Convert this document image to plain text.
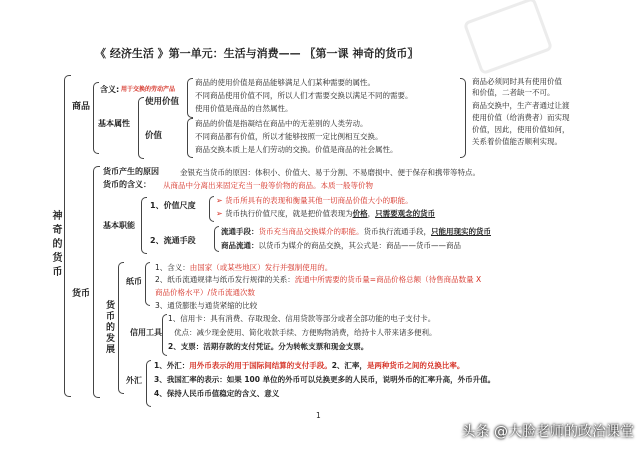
《 经济生活 》第一单元：生活与消费—— 〖第一课 神奇的货币〗
神奇的货币
商品
含义: 用于交换的劳动产品
基本属性
使用价值
商品的使用价值是商品能够满足人们某种需要的属性。
不同商品使用价值不同，所以人们才需要交换以满足不同的需要。
使用价值是商品的自然属性。
价值
商品的价值是指凝结在商品中的无差别的人类劳动。
不同商品都有价值，所以才能够按照一定比例相互交换。
商品交换本质上是人们劳动的交换。价值是商品的社会属性。
商品必须同时具有使用价值
和价值，二者缺一不可。
商品交换中，生产者通过让渡
使用价值（给消费者）而实现
价值，因此，使用价值如何，
关系着价值能否顺利实现。
货币
货币产生的原因	金银充当货币的原因：体积小、价值大、易于分割、不易磨损中、便于保存和携带等特点。
货币的含义： 从商品中分离出来固定充当一般等价物的商品。本质一般等价物
基本职能
1、价值尺度
➢ 货币所具有的表现和衡量其他一切商品价值大小的职能。
➢ 货币执行价值尺度，就是把价值表现为价格，只需要观念的货币
2、流通手段
流通手段：货币充当商品交换媒介的职能。货币执行流通手段，只能用现实的货币
商品流通：以货币为媒介的商品交换，其公式是：商品——货币——商品
货币的发展
纸币
1、含义：由国家（或某些地区）发行并强制使用的。
2、纸币流通规律与纸币发行规律的关系：流通中所需要的货币量=商品价格总额（待售商品数量 X
商品价格水平）/货币流通次数
3、通货膨胀与通货紧缩的比较
信用工具
1、信用卡：具有消费、存取现金、信用贷款等部分或者全部功能的电子支付卡。
优点：减少现金使用、简化收款手续、方便购物消费，给持卡人带来诸多便利。
2、支票：活期存款的支付凭证。分为转帐支票和现金支票。
外汇
1、外汇：用外币表示的用于国际间结算的支付手段。2、汇率，是两种货币之间的兑换比率。
3、我国汇率的表示：如果 100 单位的外币可以兑换更多的人民币，说明外币的汇率升高，外币升值。
4、保持人民币币值稳定的含义、意义
1
头条 @大脸老师的政治课堂
